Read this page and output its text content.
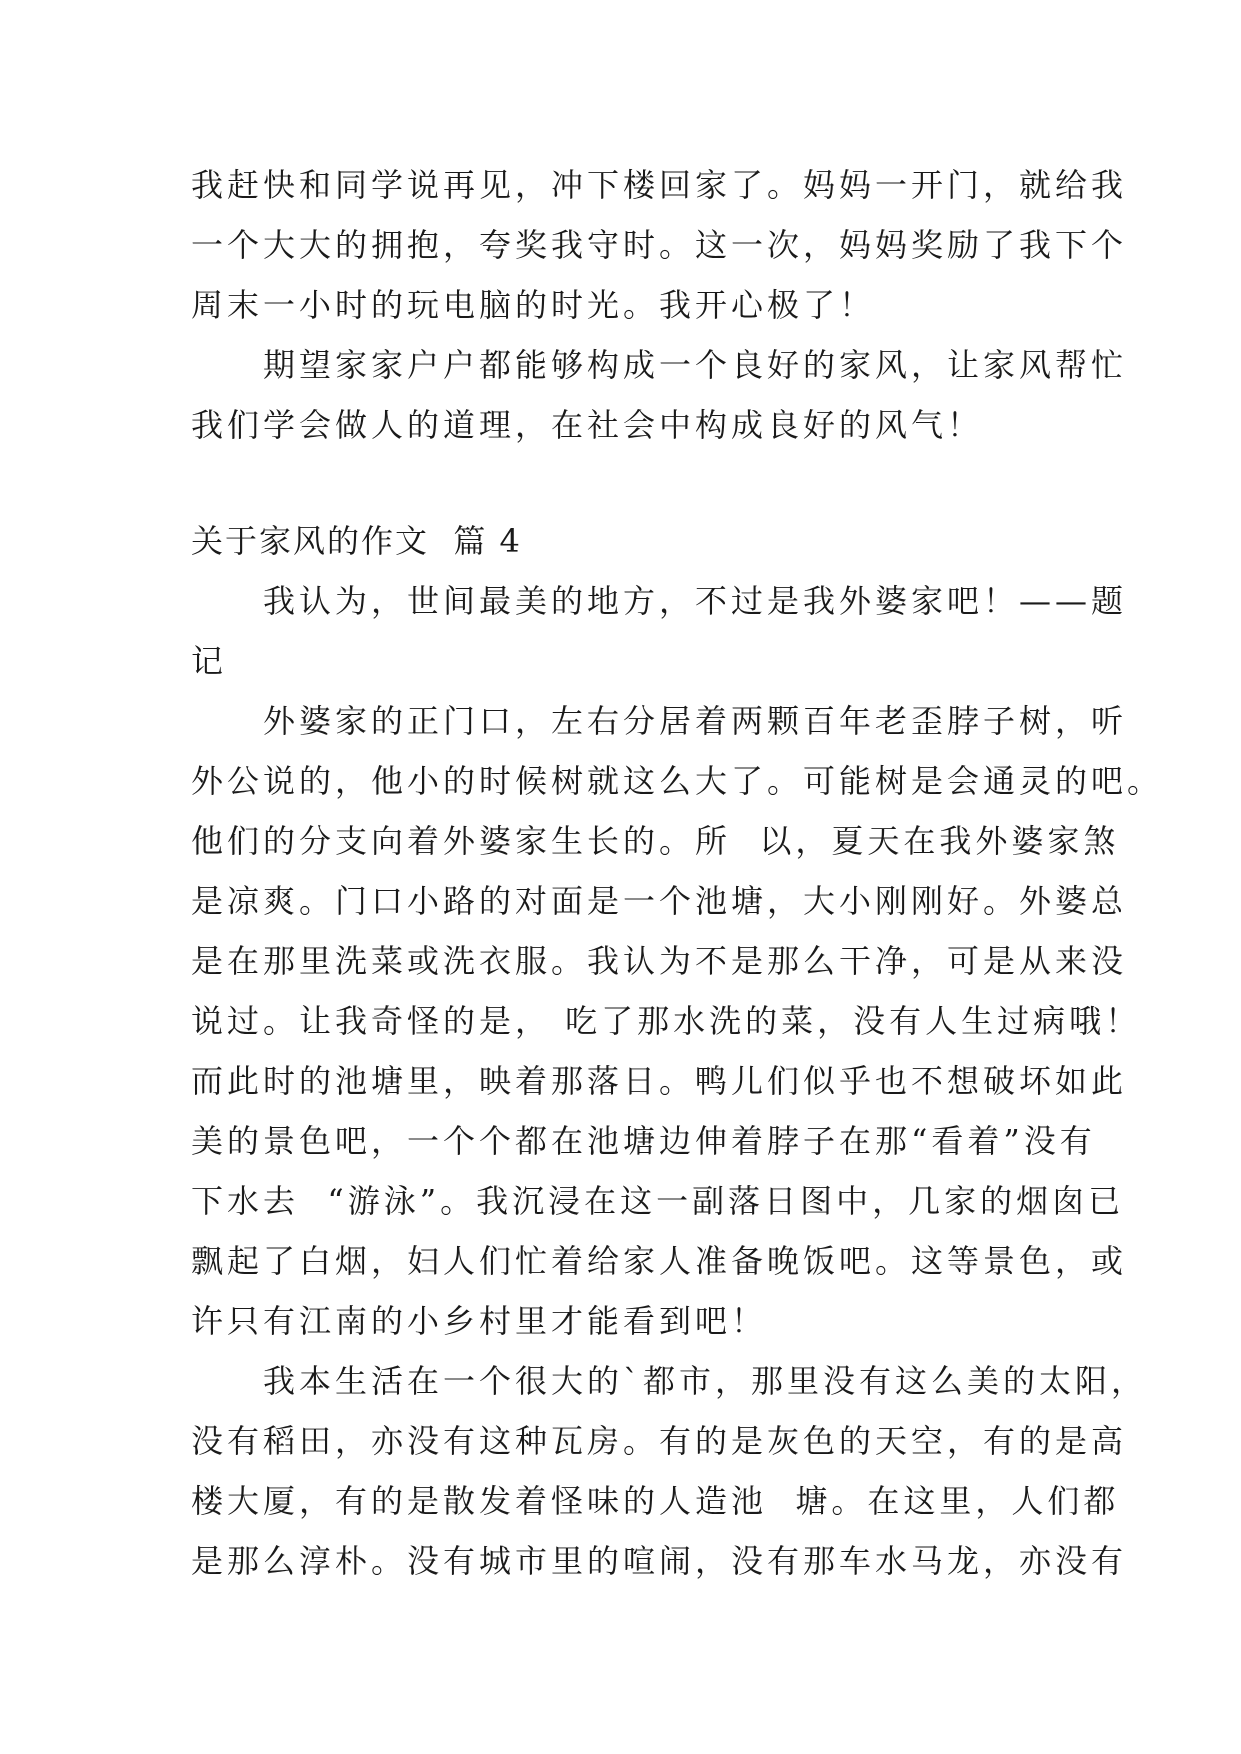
我赶快和同学说再见，冲下楼回家了。妈妈一开门，就给我
一个大大的拥抱，夸奖我守时。这一次，妈妈奖励了我下个
周末一小时的玩电脑的时光。我开心极了！
　　期望家家户户都能够构成一个良好的家风，让家风帮忙
我们学会做人的道理，在社会中构成良好的风气！
关于家风的作文  篇 4
　　我认为，世间最美的地方，不过是我外婆家吧！——题
记
　　外婆家的正门口，左右分居着两颗百年老歪脖子树，听
外公说的，他小的时候树就这么大了。可能树是会通灵的吧。
他们的分支向着外婆家生长的。所  以，夏天在我外婆家煞
是凉爽。门口小路的对面是一个池塘，大小刚刚好。外婆总
是在那里洗菜或洗衣服。我认为不是那么干净，可是从来没
说过。让我奇怪的是， 吃了那水洗的菜，没有人生过病哦！
而此时的池塘里，映着那落日。鸭儿们似乎也不想破坏如此
美的景色吧，一个个都在池塘边伸着脖子在那“看着”没有
下水去  “游泳”。我沉浸在这一副落日图中，几家的烟囱已
飘起了白烟，妇人们忙着给家人准备晚饭吧。这等景色，或
许只有江南的小乡村里才能看到吧！
　　我本生活在一个很大的`都市，那里没有这么美的太阳，
没有稻田，亦没有这种瓦房。有的是灰色的天空，有的是高
楼大厦，有的是散发着怪味的人造池  塘。在这里，人们都
是那么淳朴。没有城市里的喧闹，没有那车水马龙，亦没有
